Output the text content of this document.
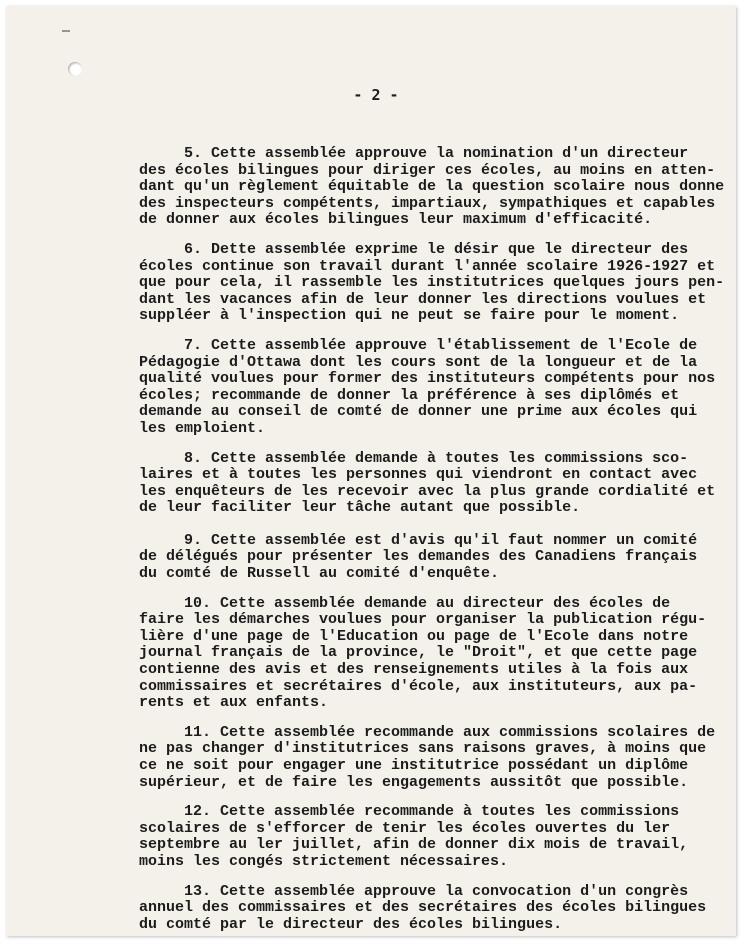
- 2 -

5. Cette assemblée approuve la nomination d'un directeur
des écoles bilingues pour diriger ces écoles, au moins en atten-
dant qu'un règlement équitable de la question scolaire nous donne
des inspecteurs compétents, impartiaux, sympathiques et capables
de donner aux écoles bilingues leur maximum d'efficacité.
6. Dette assemblée exprime le désir que le directeur des
écoles continue son travail durant l'année scolaire 1926-1927 et
que pour cela, il rassemble les institutrices quelques jours pen-
dant les vacances afin de leur donner les directions voulues et
suppléer à l'inspection qui ne peut se faire pour le moment.
7. Cette assemblée approuve l'établissement de l'Ecole de
Pédagogie d'Ottawa dont les cours sont de la longueur et de la
qualité voulues pour former des instituteurs compétents pour nos
écoles; recommande de donner la préférence à ses diplômés et
demande au conseil de comté de donner une prime aux écoles qui
les emploient.
8. Cette assemblée demande à toutes les commissions sco-
laires et à toutes les personnes qui viendront en contact avec
les enquêteurs de les recevoir avec la plus grande cordialité et
de leur faciliter leur tâche autant que possible.
9. Cette assemblée est d'avis qu'il faut nommer un comité
de délégués pour présenter les demandes des Canadiens français
du comté de Russell au comité d'enquête.
10. Cette assemblée demande au directeur des écoles de
faire les démarches voulues pour organiser la publication régu-
lière d'une page de l'Education ou page de l'Ecole dans notre
journal français de la province, le "Droit", et que cette page
contienne des avis et des renseignements utiles à la fois aux
commissaires et secrétaires d'école, aux instituteurs, aux pa-
rents et aux enfants.
11. Cette assemblée recommande aux commissions scolaires de
ne pas changer d'institutrices sans raisons graves, à moins que
ce ne soit pour engager une institutrice possédant un diplôme
supérieur, et de faire les engagements aussitôt que possible.
12. Cette assemblée recommande à toutes les commissions
scolaires de s'efforcer de tenir les écoles ouvertes du ler
septembre au ler juillet, afin de donner dix mois de travail,
moins les congés strictement nécessaires.
13. Cette assemblée approuve la convocation d'un congrès
annuel des commissaires et des secrétaires des écoles bilingues
du comté par le directeur des écoles bilingues.
